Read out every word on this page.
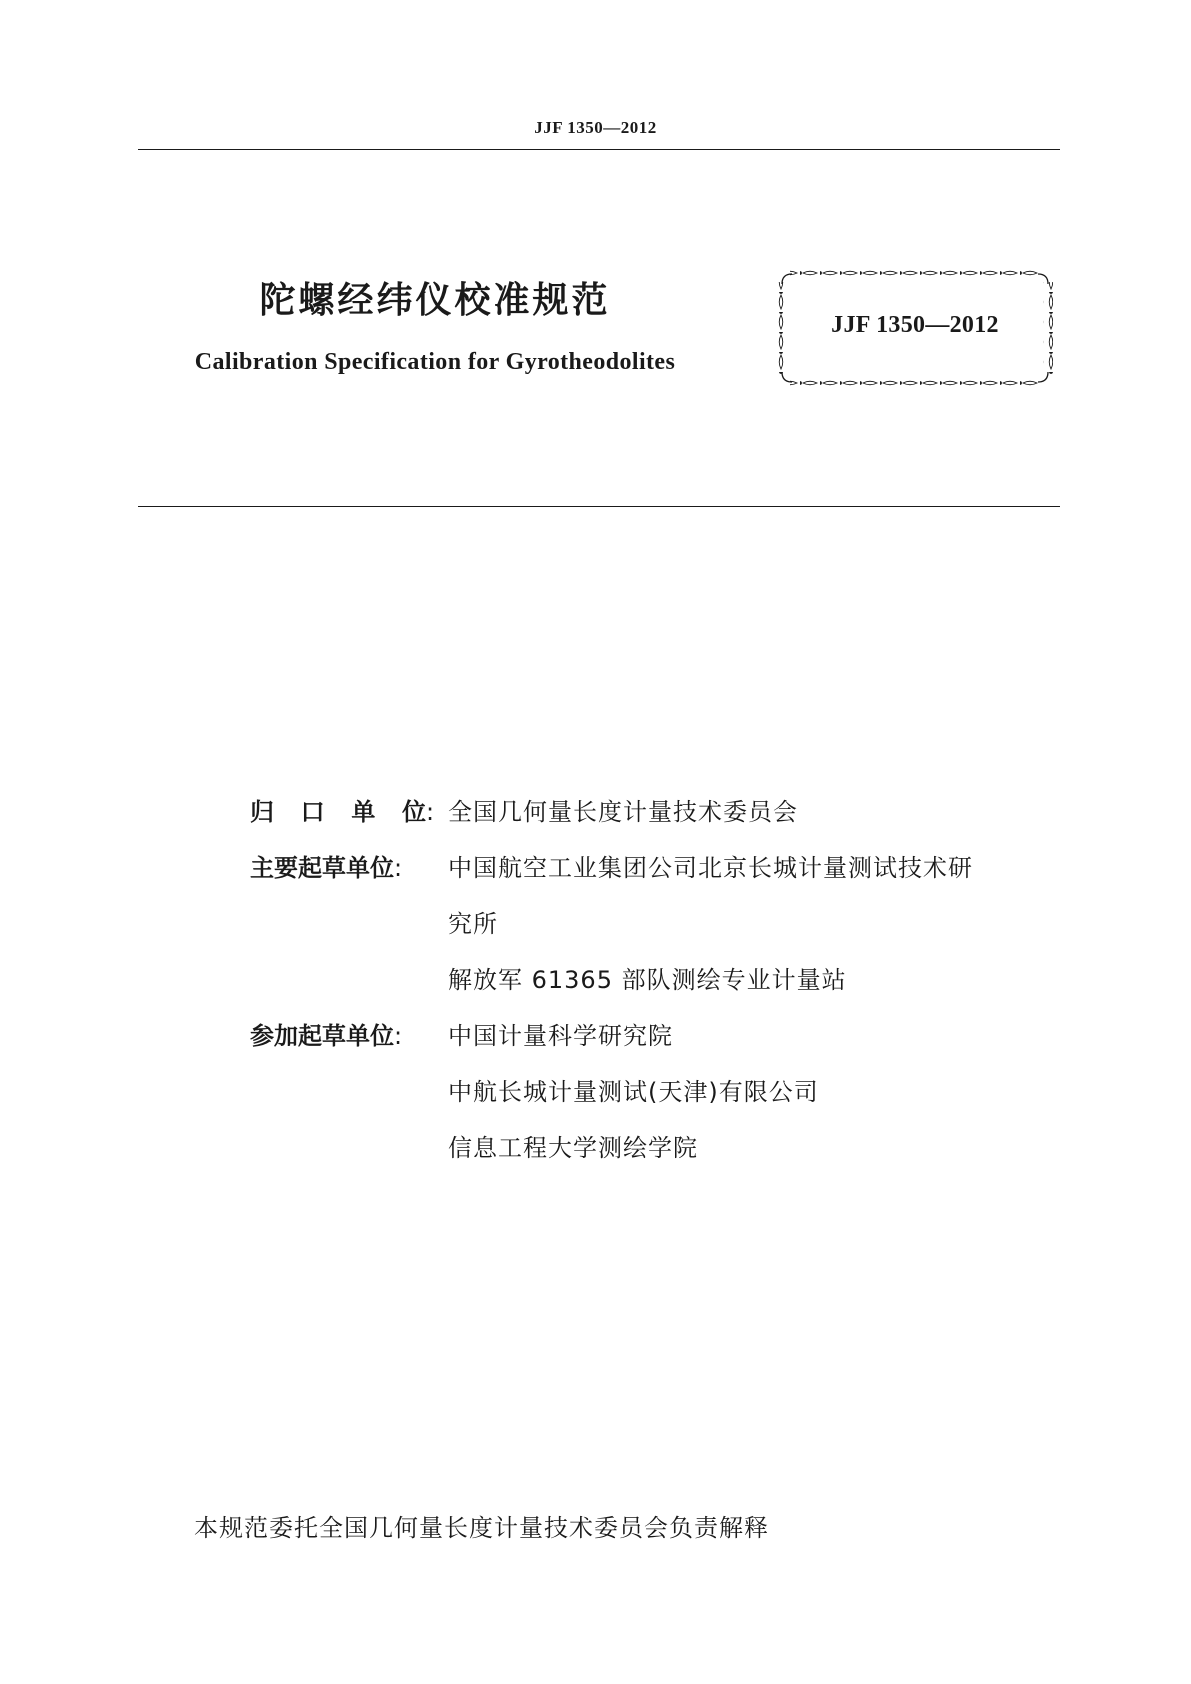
JJF 1350—2012
陀螺经纬仪校准规范
Calibration Specification for Gyrotheodolites
JJF 1350—2012
归 口 单 位 : 全国几何量长度计量技术委员会
主要起草单位:	中国航空工业集团公司北京长城计量测试技术研
究所
解放军 61365 部队测绘专业计量站
参加起草单位:	中国计量科学研究院
中航长城计量测试(天津)有限公司
信息工程大学测绘学院
本规范委托全国几何量长度计量技术委员会负责解释
